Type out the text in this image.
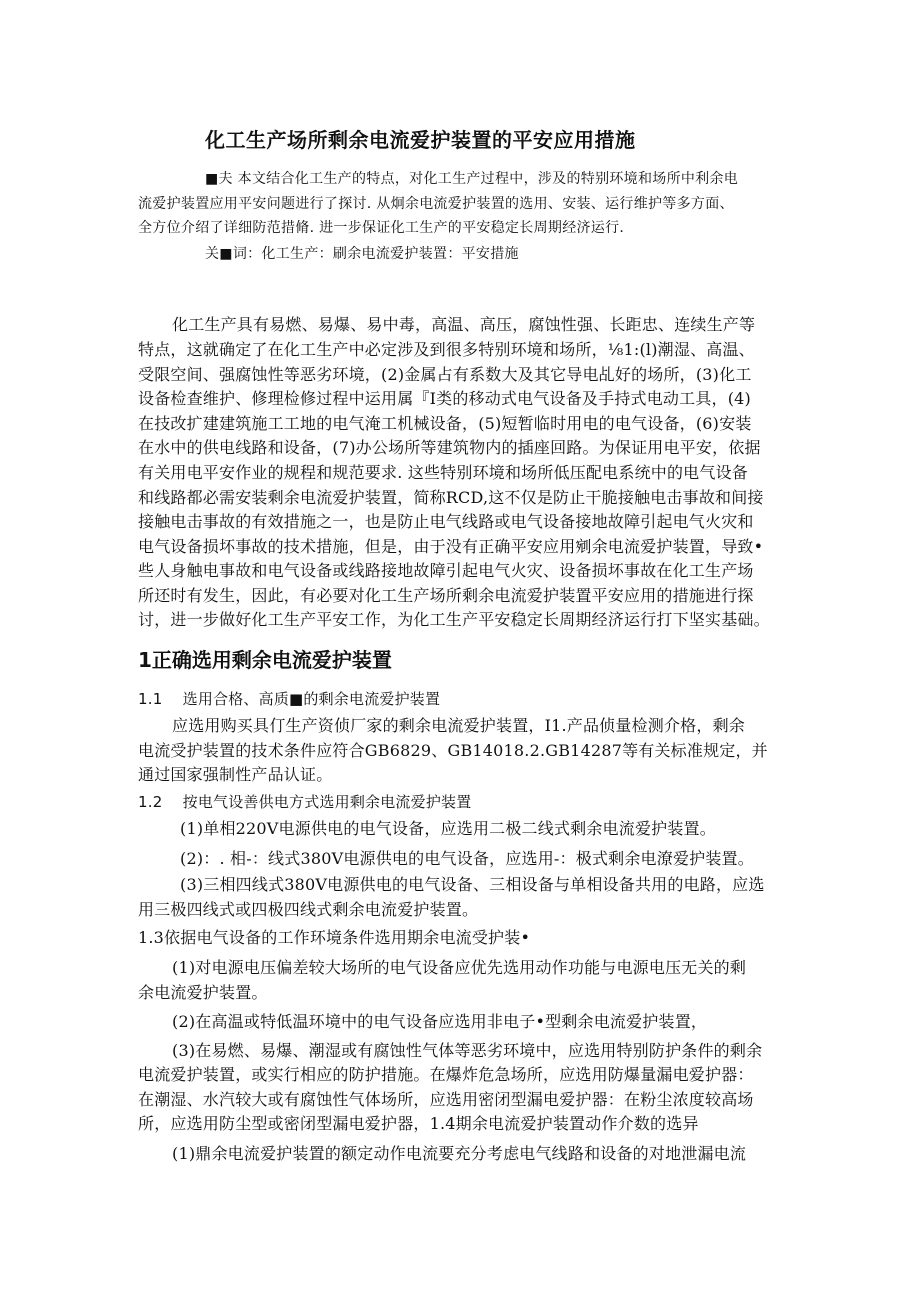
化工生产场所剩余电流爱护装置的平安应用措施

■夫 本文结合化工生产的特点，对化工生产过程中，涉及的特别环境和场所中利余电

流爱护装置应用平安问题进行了探讨. 从炯余电流爱护装置的选用、安装、运行维护等多方面、

全方位介绍了详细防范措脩. 进一步保证化工生产的平安稳定长周期经济运行.

关■词：化工生产：刷余电流爱护装置：平安措施

化工生产具有易燃、易爆、易中毒，高温、高压，腐蚀性强、长距忠、连续生产等

特点，这就确定了在化工生产中必定涉及到很多特别环境和场所，⅛1:(l)潮湿、高温、

受限空间、强腐蚀性等恶劣环境，(2)金属占有系数大及其它导电乩好的场所，(3)化工

设备检查维护、修理检修过程中运用属『I类的移动式电气设备及手持式电动工具，(4)

在技改扩建建筑施工工地的电气淹工机械设备，(5)短暂临时用电的电气设备，(6)安装

在水中的供电线路和设备，(7)办公场所等建筑物内的插座回路。为保证用电平安，依据

有关用电平安作业的规程和规范要求. 这些特别环境和场所低压配电系统中的电气设备

和线路都必需安装剩余电流爱护装置，简称RCD,这不仅是防止干脆接触电击事故和间接

接触电击事故的有效措施之一，也是防止电气线路或电气设备接地故障引起电气火灾和

电气设备损坏事故的技术措施，但是，由于没有正确平安应用剜余电流爱护装置，导致•

些人身触电事故和电气设备或线路接地故障引起电气火灾、设备损坏事故在化工生产场

所还时有发生，因此，有必要对化工生产场所剩余电流爱护装置平安应用的措施进行探

讨，进一步做好化工生产平安工作，为化工生产平安稳定长周期经济运行打下坚实基础。

1正确选用剩余电流爱护装置

1.1　 选用合格、高质■的剩余电流爱护装置

应选用购买具仃生产资侦厂家的剩余电流爱护装置，I1.产品侦量检测介格，剩余

电流受护装置的技术条件应符合GB6829、GB14018.2.GB14287等有关标准规定，并

通过国家强制性产品认证。

1.2　 按电气设善供电方式选用剩余电流爱护装置

(1)单相220V电源供电的电气设备，应选用二极二线式剩余电流爱护装置。

(2)：. 相-：线式380V电源供电的电气设备，应选用-：极式剩余电潦爱护装置。

(3)三相四线式380V电源供电的电气设备、三相设备与单相设备共用的电路，应选

用三极四线式或四极四线式剩余电流爱护装置。

1.3依据电气设备的工作环境条件选用期余电流受护装•

(1)对电源电压偏差较大场所的电气设备应优先选用动作功能与电源电压无关的剩

余电流爱护装置。

(2)在高温或特低温环境中的电气设备应选用非电子•型剩余电流爱护装置，

(3)在易燃、易爆、潮湿或有腐蚀性气体等恶劣环境中，应选用特别防护条件的剩余

电流爱护装置，或实行相应的防护措施。在爆炸危急场所，应选用防爆量漏电爱护器：

在潮湿、水汽较大或有腐蚀性气体场所，应选用密闭型漏电爱护器：在粉尘浓度较高场

所，应选用防尘型或密闭型漏电爱护器，1.4期余电流爱护装置动作介数的选异

(1)鼎余电流爱护装置的额定动作电流要充分考虑电气线路和设备的对地泄漏电流
